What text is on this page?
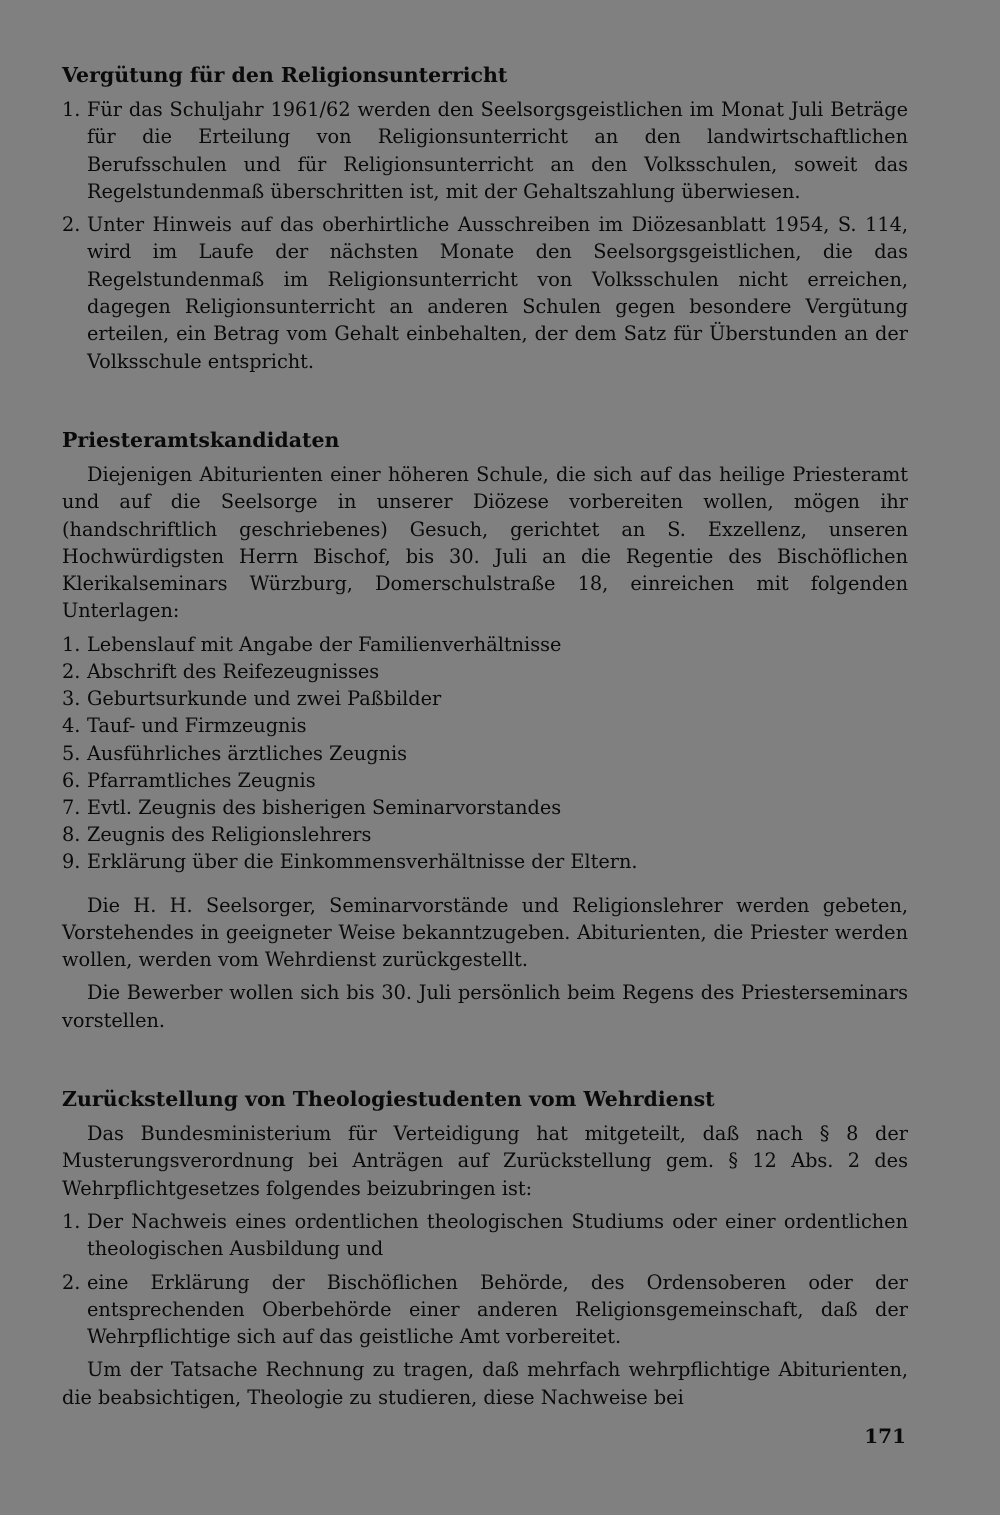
Vergütung für den Religionsunterricht
1. Für das Schuljahr 1961/62 werden den Seelsorgsgeistlichen im Monat Juli Beträge für die Erteilung von Religionsunterricht an den landwirtschaftlichen Berufsschulen und für Religionsunterricht an den Volksschulen, soweit das Regelstundenmaß überschritten ist, mit der Gehaltszahlung überwiesen.
2. Unter Hinweis auf das oberhirtliche Ausschreiben im Diözesanblatt 1954, S. 114, wird im Laufe der nächsten Monate den Seelsorgsgeistlichen, die das Regelstundenmaß im Religionsunterricht von Volksschulen nicht erreichen, dagegen Religionsunterricht an anderen Schulen gegen besondere Vergütung erteilen, ein Betrag vom Gehalt einbehalten, der dem Satz für Überstunden an der Volksschule entspricht.
Priesteramtskandidaten

Diejenigen Abiturienten einer höheren Schule, die sich auf das heilige Priesteramt und auf die Seelsorge in unserer Diözese vorbereiten wollen, mögen ihr (handschriftlich geschriebenes) Gesuch, gerichtet an S. Exzellenz, unseren Hochwürdigsten Herrn Bischof, bis 30. Juli an die Regentie des Bischöflichen Klerikalseminars Würzburg, Domerschulstraße 18, einreichen mit folgenden Unterlagen:

1. Lebenslauf mit Angabe der Familienverhältnisse
2. Abschrift des Reifezeugnisses
3. Geburtsurkunde und zwei Paßbilder
4. Tauf- und Firmzeugnis
5. Ausführliches ärztliches Zeugnis
6. Pfarramtliches Zeugnis
7. Evtl. Zeugnis des bisherigen Seminarvorstandes
8. Zeugnis des Religionslehrers
9. Erklärung über die Einkommensverhältnisse der Eltern.

Die H. H. Seelsorger, Seminarvorstände und Religionslehrer werden gebeten, Vorstehendes in geeigneter Weise bekanntzugeben. Abiturienten, die Priester werden wollen, werden vom Wehrdienst zurückgestellt.

Die Bewerber wollen sich bis 30. Juli persönlich beim Regens des Priesterseminars vorstellen.

Zurückstellung von Theologiestudenten vom Wehrdienst

Das Bundesministerium für Verteidigung hat mitgeteilt, daß nach § 8 der Musterungsverordnung bei Anträgen auf Zurückstellung gem. § 12 Abs. 2 des Wehrpflichtgesetzes folgendes beizubringen ist:

1. Der Nachweis eines ordentlichen theologischen Studiums oder einer ordentlichen theologischen Ausbildung und
2. eine Erklärung der Bischöflichen Behörde, des Ordensoberen oder der entsprechenden Oberbehörde einer anderen Religionsgemeinschaft, daß der Wehrpflichtige sich auf das geistliche Amt vorbereitet.

Um der Tatsache Rechnung zu tragen, daß mehrfach wehrpflichtige Abiturienten, die beabsichtigen, Theologie zu studieren, diese Nachweise bei

171
